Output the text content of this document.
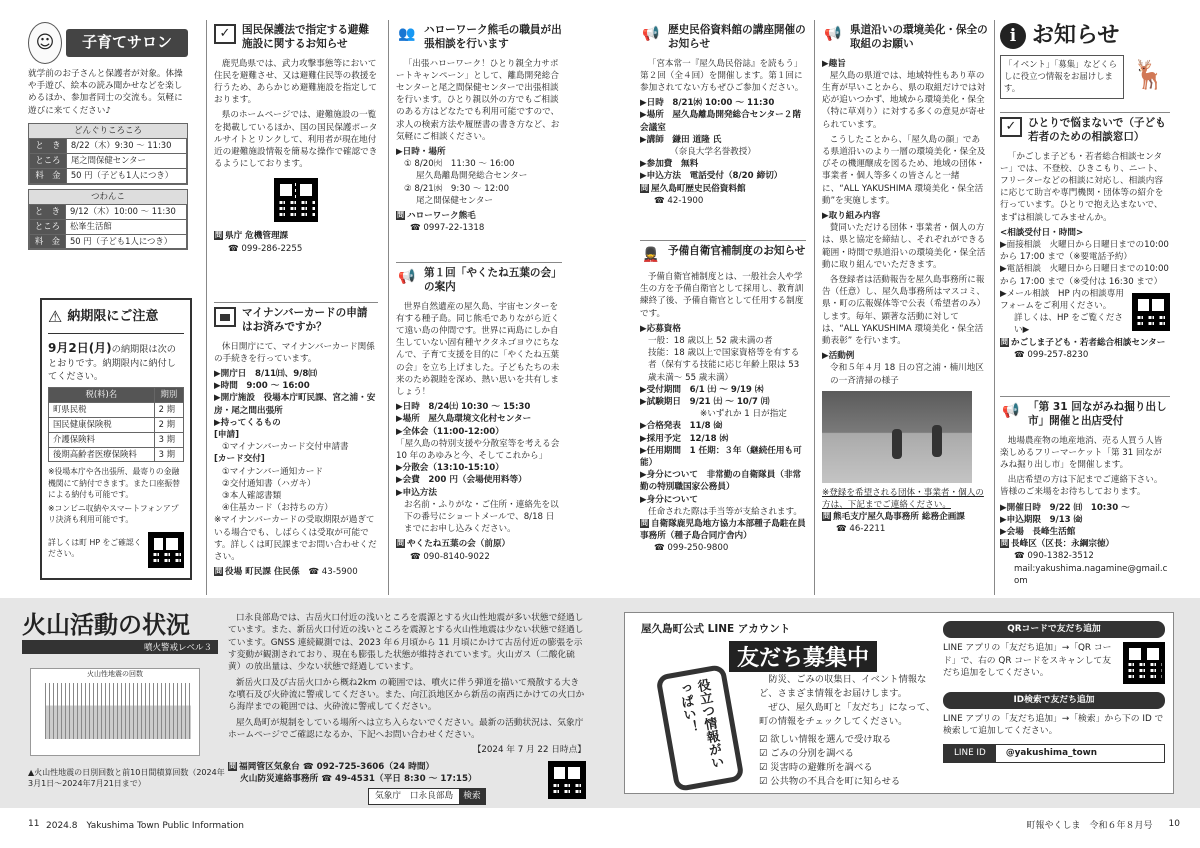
☺	子育てサロン

就学前のお子さんと保護者が対象。体操や手遊び、絵本の読み聞かせなどを楽しめるほか、参加者同士の交流も。気軽に遊びに来てください♪

どんぐりころころ
と　き	8/22（木）9:30 ～ 11:30
ところ	尾之間保健センター
料　金	50 円（子ども1人につき）
つわんこ
と　き	9/12（木）10:00 ～ 11:30
ところ	松峯生活館
料　金	50 円（子ども1人につき）
⚠ 納期限にご注意

9月2日(月)の納期限は次のとおりです。納期限内に納付してください。

税(料)名	期別
町県民税	2 期
国民健康保険税	2 期
介護保険料	3 期
後期高齢者医療保険料	3 期

※役場本庁や各出張所、最寄りの金融機関にて納付できます。また口座振替による納付も可能です。

※コンビニ収納やスマートフォンアプリ決済も利用可能です。

詳しくは町 HP をご確認ください。

✓	国民保護法で指定する避難施設に関するお知らせ

鹿児島県では、武力攻撃事態等において住民を避難させ、又は避難住民等の救援を行うため、あらかじめ避難施設を指定しております。

県のホームページでは、避難施設の一覧を掲載しているほか、国の国民保護ポータルサイトとリンクして、利用者が現在地付近の避難施設情報を簡易な操作で確認できるようにしております。

問 県庁 危機管理課
☎ 099-286-2255
マイナンバーカードの申請はお済みですか？

休日開庁にて、マイナンバーカード関係の手続きを行っています。

▶開庁日　8/11㈰、9/8㈰
▶時間　9:00 ～ 16:00
▶開庁施設　役場本庁町民課、宮之浦・安房・尾之間出張所
▶持ってくるもの
[申請]
①マイナンバーカード交付申請書
[カード交付]
①マイナンバー通知カード
②交付通知書（ハガキ）
③本人確認書類
④住基カード（お持ちの方）
※マイナンバーカードの受取期限が過ぎている場合でも、しばらくは受取が可能です。詳しくは町民課までお問い合わせください。
問 役場 町民課 住民係　 ☎ 43-5900
👥 ハローワーク熊毛の職員が出張相談を行います

「出張ハローワーク！ひとり親全力サポートキャンペーン」として、離島開発総合センターと尾之間保健センターで出張相談を行います。ひとり親以外の方でもご相談のある方はどなたでも利用可能ですので、求人の検索方法や履歴書の書き方など、お気軽にご相談ください。

▶日時・場所
① 8/20㈫　11:30 ～ 16:00
屋久島離島開発総合センター
② 8/21㈬　9:30 ～ 12:00
尾之間保健センター
問 ハローワーク熊毛
☎ 0997-22-1318
📢 第１回「やくたね五葉の会」の案内

世界自然遺産の屋久島、宇宙センターを有する種子島。同じ熊毛でありながら近くて遠い島の仲間です。世界に両島にしか自生していない固有種ヤクタネゴヨウにちなんで、子育て支援を目的に「やくたね五葉の会」を立ち上げました。子どもたちの未来のため親睦を深め、熱い思いを共有しましょう！

▶日時　8/24㈯ 10:30 ～ 15:30
▶場所　屋久島環境文化村センター
▶全体会（11:00-12:00）
「屋久島の特別支援や分散室等を考える会 10 年のあゆみと今、そしてこれから」
▶分散会（13:10-15:10）
▶会費　200 円（会場使用料等）
▶申込方法
お名前・ふりがな・ご住所・連絡先を以下の番号にショートメールで、8/18 日までにお申し込みください。
問 やくたね五葉の会（前原）
☎ 090-8140-9022
📢 歴史民俗資料館の講座開催のお知らせ

「宮本常一『屋久島民俗誌』を読もう」第２回（全４回）を開催します。第１回に参加されてない方もぜひご参加ください。

▶日時　8/21㈬ 10:00 ～ 11:30
▶場所　屋久島離島開発総合センター２階会議室
▶講師　鎌田 道隆 氏
（奈良大学名誉教授）
▶参加費　無料
▶申込方法　電話受付（8/20 締切）
問 屋久島町歴史民俗資料館
☎ 42-1900
💂 予備自衛官補制度のお知らせ

予備自衛官補制度とは、一般社会人や学生の方を予備自衛官として採用し、教育訓練終了後、予備自衛官として任用する制度です。

▶応募資格
一般：18 歳以上 52 歳未満の者
技能：18 歳以上で国家資格等を有する者（保有する技能に応じ年齢上限は 53 歳未満～ 55 歳未満）
▶受付期間　6/1 ㈯ ～ 9/19 ㈭
▶試験期日　9/21 ㈯ ～ 10/7 ㈪
※いずれか 1 日が指定
▶合格発表　11/8 ㈮
▶採用予定　12/18 ㈬
▶任用期間　1 任期：３年（継続任用も可能）
▶身分について　非常勤の自衛隊員（非常勤の特別職国家公務員）
▶身分について
任命された際は手当等が支給されます。
問 自衛隊鹿児島地方協力本部種子島駐在員事務所（種子島合同庁舎内）
☎ 099-250-9800
📢 県道沿いの環境美化・保全の取組のお願い
▶趣旨

屋久島の県道では、地域特性もあり草の生育が早いことから、県の取組だけでは対応が追いつかず、地域から環境美化・保全（特に草刈り）に対する多くの意見が寄せられています。

こうしたことから、「屋久島の顔」である県道沿いのより一層の環境美化・保全及びその機運醸成を図るため、地域の団体・事業者・個人等多くの皆さんと一緒に、“ALL YAKUSHIMA 環境美化・保全活動”を実施します。

▶取り組み内容

賛同いただける団体・事業者・個人の方は、県と協定を締結し、それぞれができる範囲・時間で県道沿いの環境美化・保全活動に取り組んでいただきます。

各登録者は活動報告を屋久島事務所に報告（任意）し、屋久島事務所はマスコミ、県・町の広報媒体等で公表（希望者のみ）します。毎年、顕著な活動に対しては、“ALL YAKUSHIMA 環境美化・保全活動表彰” を行います。

▶活動例
令和５年４月 18 日の宮之浦・楠川地区の一斉清掃の様子
※登録を希望される団体・事業者・個人の方は、下記までご連絡ください。
問 熊毛支庁屋久島事務所 総務企画課
☎ 46-2211
i お知らせ
「イベント」「募集」などくらしに役立つ情報をお届けします。	🦌
✓	ひとりで悩まないで（子ども若者のための相談窓口）

「かごしま子ども・若者総合相談センター」では、不登校、ひきこもり、ニート、フリーターなどの相談に対応し、相談内容に応じて助言や専門機関・団体等の紹介を行っています。ひとりで抱え込まないで、まずは相談してみませんか。

<相談受付日・時間>
▶面接相談　火曜日から日曜日までの10:00 から 17:00 まで（※要電話予約）
▶電話相談　火曜日から日曜日までの10:00 から 17:00 まで（※受付は 16:30 まで）
▶メール相談　HP 内の相談専用フォームをご利用ください。
詳しくは、HP をご覧ください▶
問 かごしま子ども・若者総合相談センター
☎ 099-257-8230
📢 「第 31 回ながみね掘り出し市」開催と出店受付

地場農産物の地産地消、売る人買う人皆楽しめるフリーマーケット「第 31 回ながみね掘り出し市」を開催します。

出店希望の方は下記までご連絡下さい。皆様のご来場をお待ちしております。

▶開催日時　9/22 ㈰　10:30 ～
▶申込期限　9/13 ㈮
▶会場　長峰生活館
問 長峰区（区長：永綱宗徳）
☎ 090-1382-3512
mail:yakushima.nagamine@gmail.com
火山活動の状況
噴火警戒レベル３
火山性地震の回数
▲火山性地震の日別回数と前10日間積算回数（2024年3月1日～2024年7月21日まで）

口永良部島では、古岳火口付近の浅いところを震源とする火山性地震が多い状態で経過しています。また、新岳火口付近の浅いところを震源とする火山性地震は少ない状態で経過しています。GNSS 連続観測では、2023 年６月頃から 11 月頃にかけて古岳付近の膨張を示す変動が観測されており、現在も膨張した状態が維持されています。火山ガス（二酸化硫黄）の放出量は、少ない状態で経過しています。

新岳火口及び古岳火口から概ね2km の範囲では、噴火に伴う弾道を描いて飛散する大きな噴石及び火砕流に警戒してください。また、向江浜地区から新岳の南西にかけての火口から海岸までの範囲では、火砕流に警戒してください。

屋久島町が規制をしている場所へは立ち入らないでください。最新の活動状況は、気象庁ホームページでご確認になるか、下記へお問い合わせください。

【2024 年 7 月 22 日時点】
問 福岡管区気象台 ☎ 092-725-3606（24 時間）
火山防災連絡事務所 ☎ 49-4531（平日 8:30 ～ 17:15）
気象庁　口永良部島	検索
屋久島町公式 LINE アカウント
友だち募集中
役立つ情報がいっぱい！

防災、ごみの収集日、イベント情報など、さまざま情報をお届けします。

ぜひ、屋久島町と「友だち」になって、町の情報をチェックしてください。

☑ 欲しい情報を選んで受け取る
☑ ごみの分別を調べる
☑ 災害時の避難所を調べる
☑ 公共物の不具合を町に知らせる
QRコードで友だち追加
LINE アプリの「友だち追加」→「QR コード」で、右の QR コードをスキャンして友だち追加をしてください。
ID検索で友だち追加
LINE アプリの「友だち追加」→「検索」から下の ID で検索して追加してください。
LINE ID	@yakushima_town
11 2024.8　Yakushima Town Public Information	町報やくしま　令和６年８月号	10
